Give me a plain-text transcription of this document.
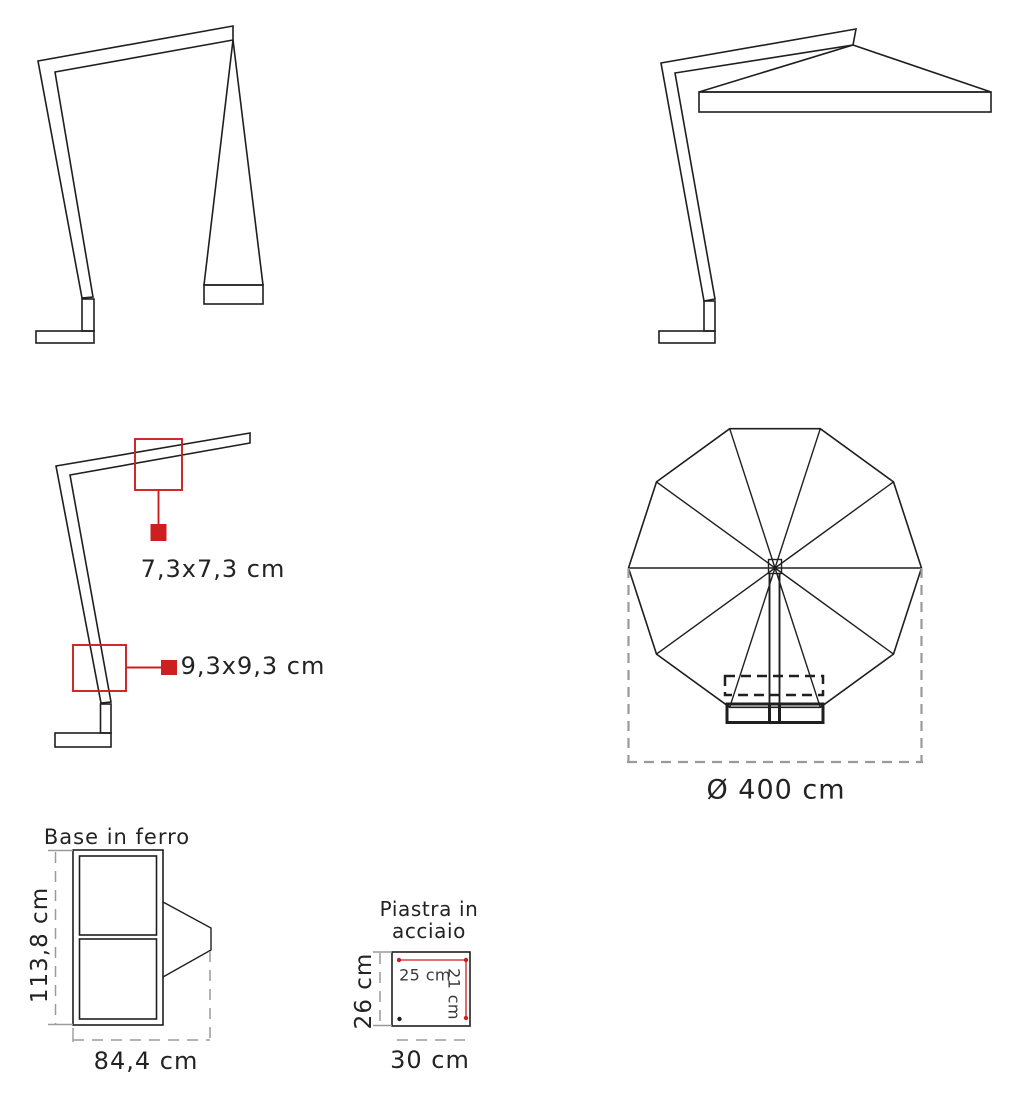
7,3x7,3 cm
9,3x9,3 cm
Ø 400 cm
Base in ferro
113,8 cm
84,4 cm
Piastra in
acciaio
25 cm
21 cm
26 cm
30 cm
